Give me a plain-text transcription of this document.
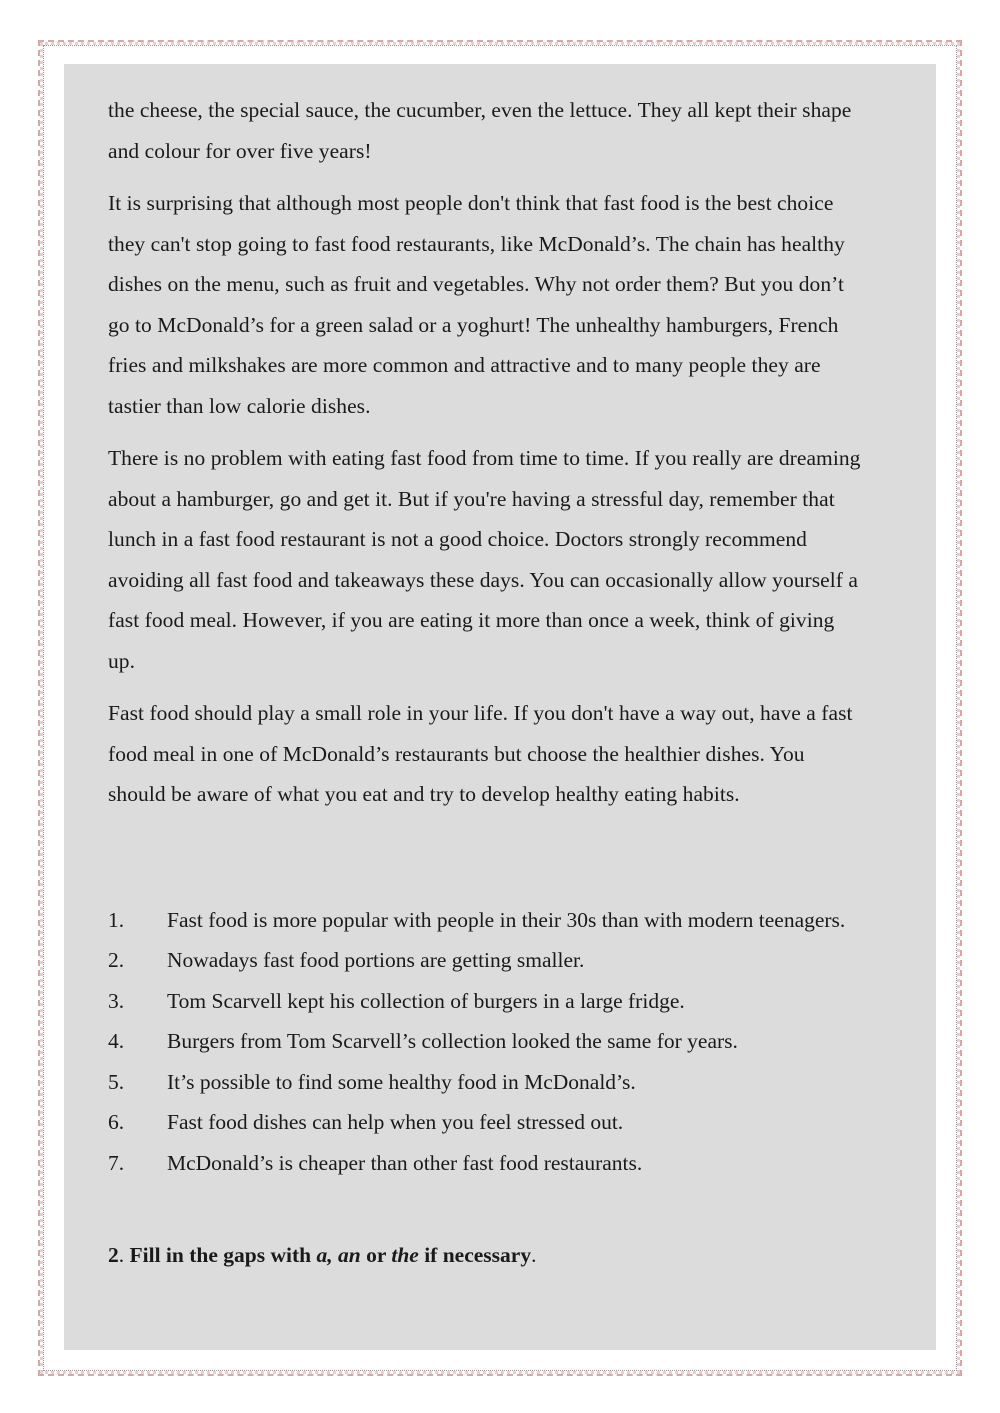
the cheese, the special sauce, the cucumber, even the lettuce. They all kept their shape
and colour for over five years!

It is surprising that although most people don't think that fast food is the best choice
they can't stop going to fast food restaurants, like McDonald’s. The chain has healthy
dishes on the menu, such as fruit and vegetables. Why not order them? But you don’t
go to McDonald’s for a green salad or a yoghurt! The unhealthy hamburgers, French
fries and milkshakes are more common and attractive and to many people they are
tastier than low calorie dishes.

There is no problem with eating fast food from time to time. If you really are dreaming
about a hamburger, go and get it. But if you're having a stressful day, remember that
lunch in a fast food restaurant is not a good choice. Doctors strongly recommend
avoiding all fast food and takeaways these days. You can occasionally allow yourself a
fast food meal. However, if you are eating it more than once a week, think of giving
up.

Fast food should play a small role in your life. If you don't have a way out, have a fast
food meal in one of McDonald’s restaurants but choose the healthier dishes. You
should be aware of what you eat and try to develop healthy eating habits.

1.	Fast food is more popular with people in their 30s than with modern teenagers.
2.	Nowadays fast food portions are getting smaller.
3.	Tom Scarvell kept his collection of burgers in a large fridge.
4.	Burgers from Tom Scarvell’s collection looked the same for years.
5.	It’s possible to find some healthy food in McDonald’s.
6.	Fast food dishes can help when you feel stressed out.
7.	McDonald’s is cheaper than other fast food restaurants.
2. Fill in the gaps with a, an or the if necessary.
